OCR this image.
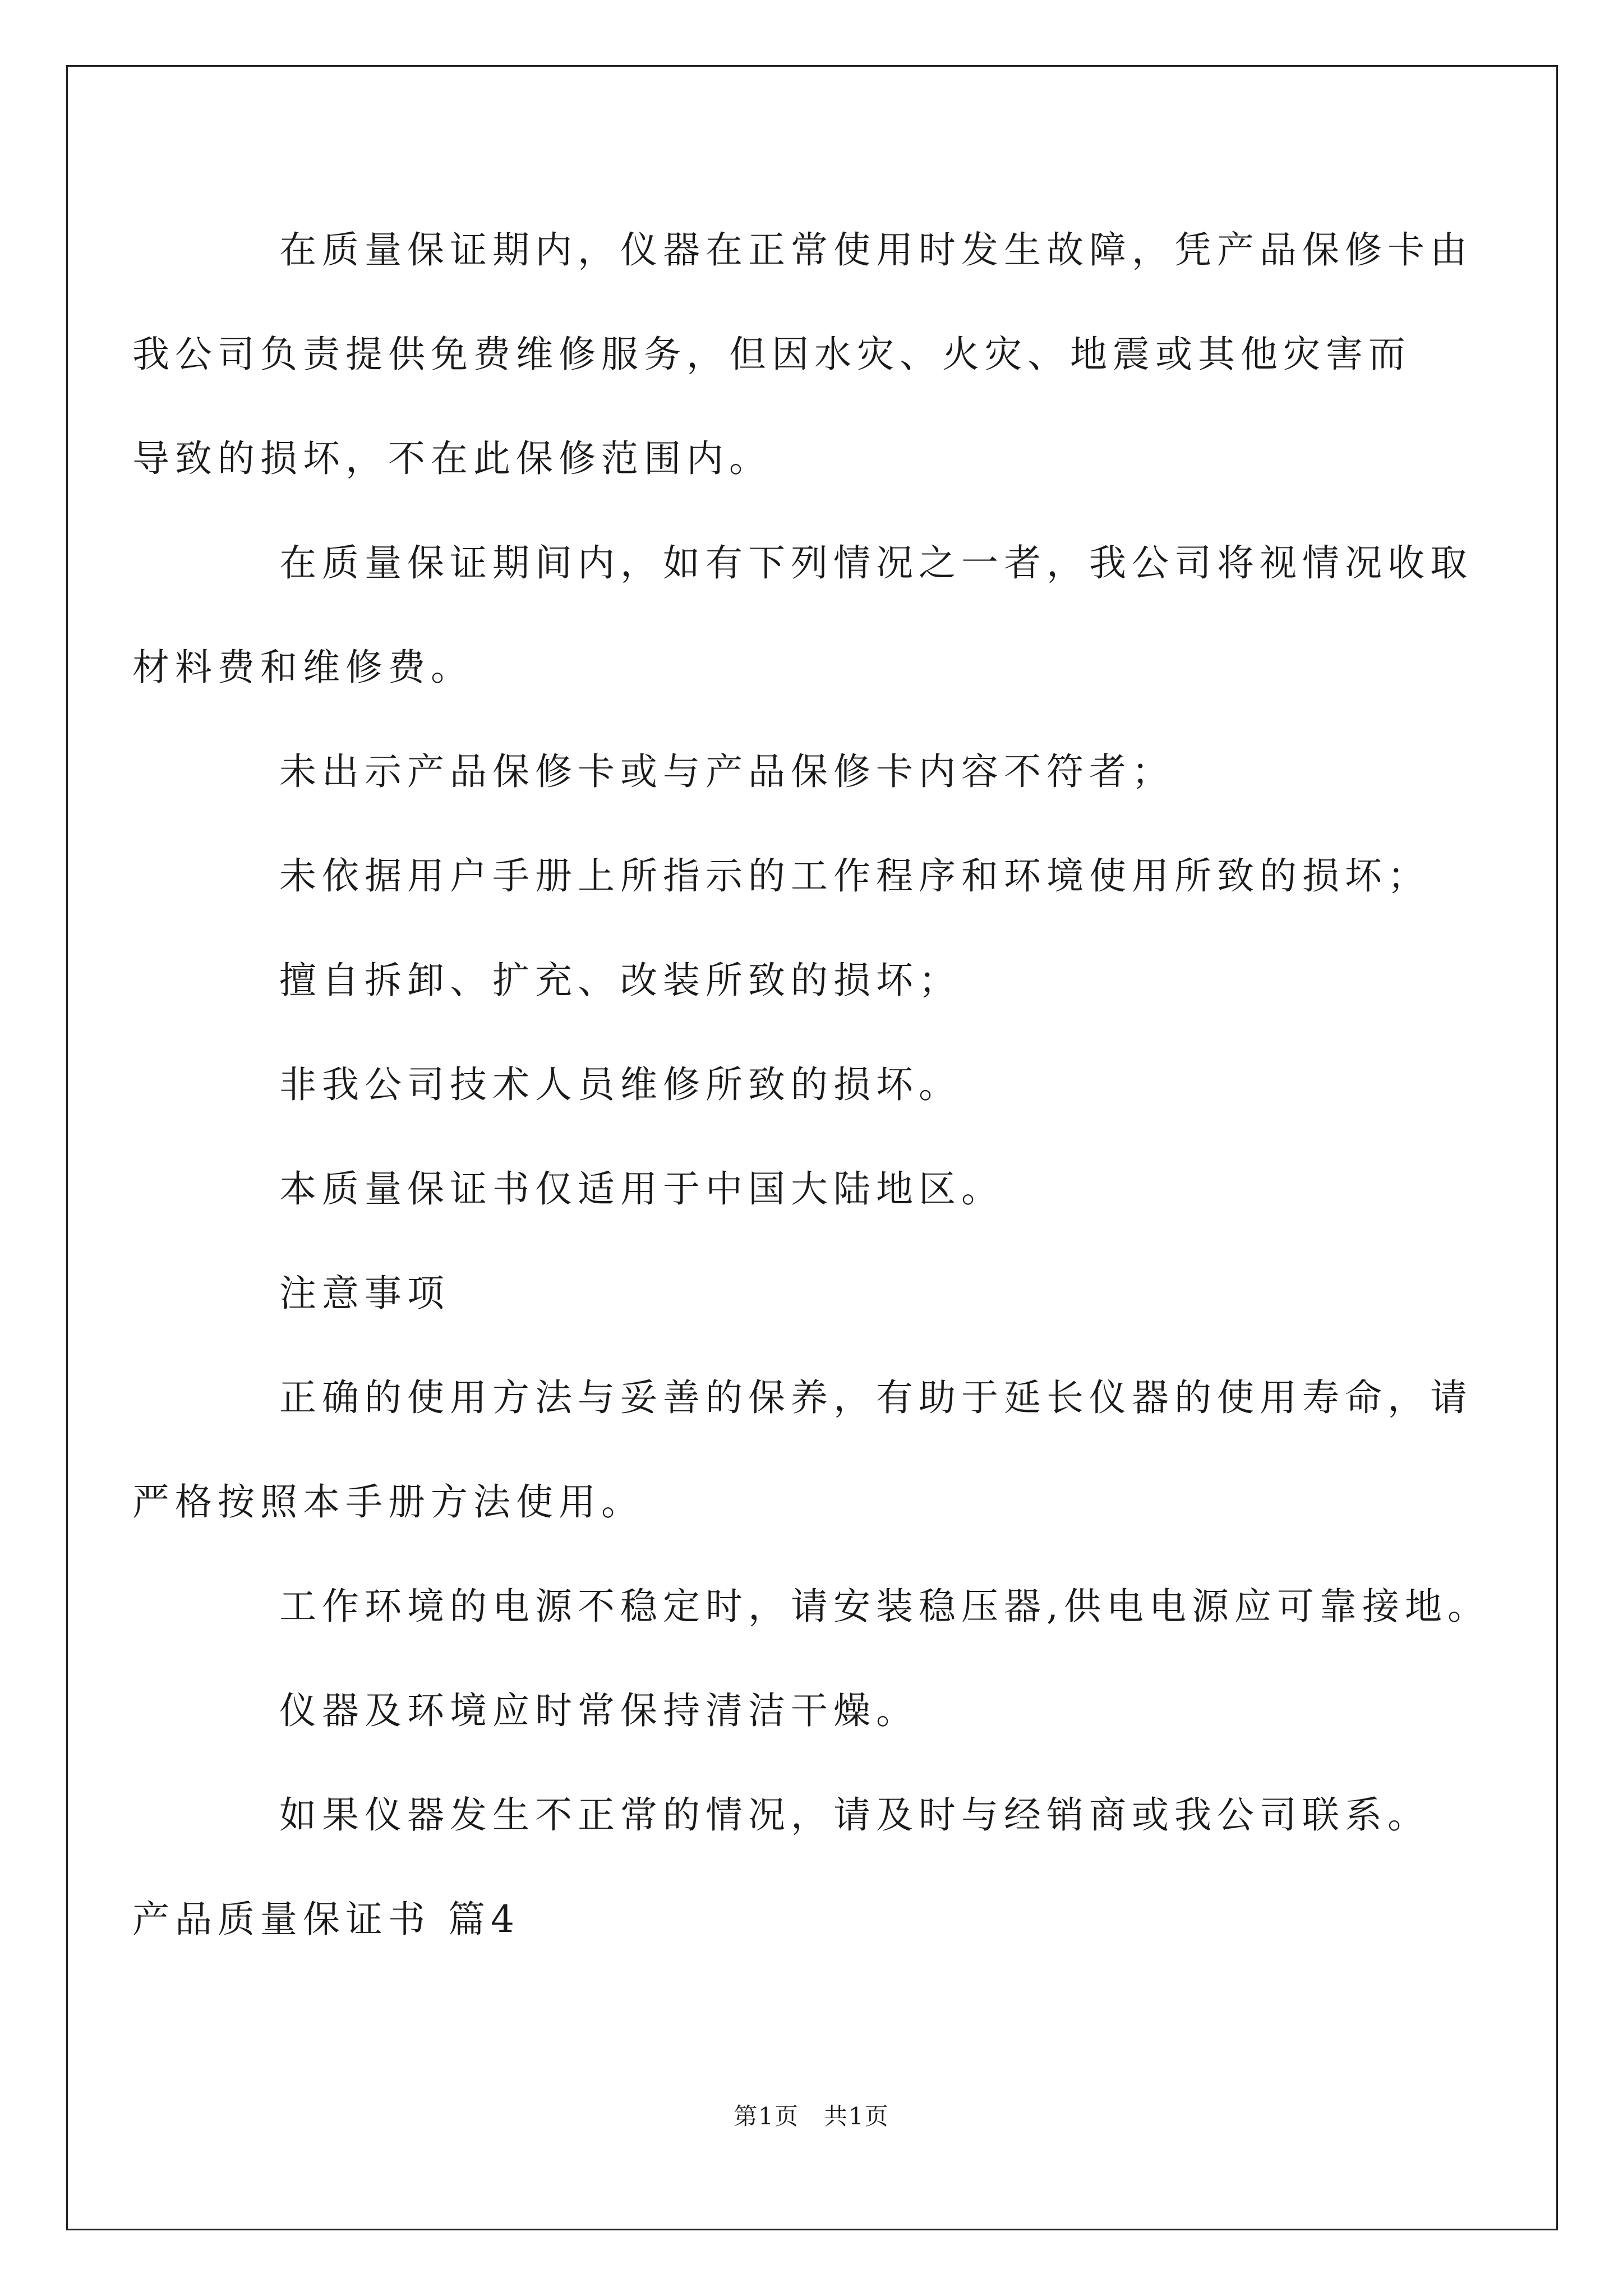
在质量保证期内，仪器在正常使用时发生故障，凭产品保修卡由
我公司负责提供免费维修服务，但因水灾、火灾、地震或其他灾害而
导致的损坏，不在此保修范围内。
在质量保证期间内，如有下列情况之一者，我公司将视情况收取
材料费和维修费。
未出示产品保修卡或与产品保修卡内容不符者；
未依据用户手册上所指示的工作程序和环境使用所致的损坏；
擅自拆卸、扩充、改装所致的损坏；
非我公司技术人员维修所致的损坏。
本质量保证书仅适用于中国大陆地区。
注意事项
正确的使用方法与妥善的保养，有助于延长仪器的使用寿命，请
严格按照本手册方法使用。
工作环境的电源不稳定时，请安装稳压器,供电电源应可靠接地。
仪器及环境应时常保持清洁干燥。
如果仪器发生不正常的情况，请及时与经销商或我公司联系。
产品质量保证书 篇4
第1页　共1页
